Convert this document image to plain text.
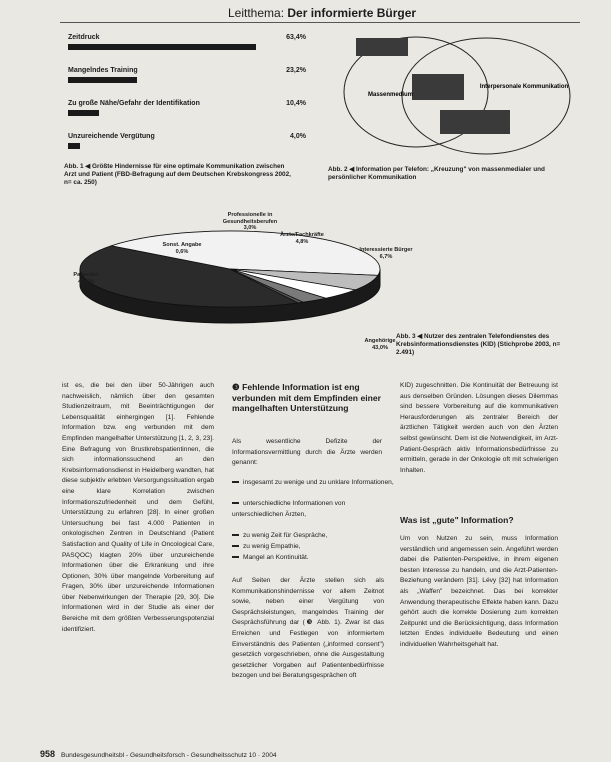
Leitthema: Der informierte Bürger
Zeitdruck	63,4%
Mangelndes Training	23,2%
Zu große Nähe/Gefahr der Identifikation	10,4%
Unzureichende Vergütung	4,0%
Abb. 1 ◀ Größte Hindernisse für eine optimale Kommunikation zwischen Arzt und Patient (FBD-Befragung auf dem Deutschen Krebskongress 2002, n= ca. 250)
Massenmedium
Interpersonale Kommunikation
Abb. 2 ◀ Information per Telefon: „Kreuzung" von massenmedialer und persönlicher Kommunikation
Patienten
43,8%
Angehörige
43,0%
Interessierte Bürger
6,7%
Ärzte/Fachkräfte
4,8%
Professionelle in Gesundheitsberufen
3,0%
Sonst. Angabe
0,6%
Abb. 3 ◀ Nutzer des zentralen Telefondienstes des Krebsinformationsdienstes (KID) (Stichprobe 2003, n= 2.491)

ist es, die bei den über 50-Jährigen auch nachweislich, nämlich über den gesamten Studienzeitraum, mit Beeinträchtigungen der Lebensqualität einhergingen [1]. Fehlende Information bzw. eng verbunden mit dem Empfinden mangelhafter Unterstützung [1, 2, 3, 23]. Eine Befragung von Brustkrebspatientinnen, die sich informationssuchend an den Krebsinformationsdienst in Heidelberg wandten, hat diese subjektiv erlebten Versorgungssituation ergab eine klare Korrelation zwischen Informationszufriedenheit und dem Gefühl, Unterstützung zu erfahren [28]. In einer großen Untersuchung bei fast 4.000 Patienten in onkologischen Zentren in Deutschland (Patient Satisfaction and Quality of Life in Oncological Care, PASQOC) klagten 20% über unzureichende Informationen über die Erkrankung und ihre Optionen, 30% über mangelnde Vorbereitung auf Fragen, 30% über unzureichende Informationen über Nebenwirkungen der Therapie [29, 30]. Die Informationen wird in der Studie als einer der Bereiche mit dem größten Verbesserungspotenzial identifiziert.

❸ Fehlende Information ist eng verbunden mit dem Empfinden einer mangelhaften Unterstützung
Als wesentliche Defizite der Informationsvermittlung durch die Ärzte werden genannt:
insgesamt zu wenige und zu unklare Informationen,
unterschiedliche Informationen von unterschiedlichen Ärzten,
zu wenig Zeit für Gespräche,
zu wenig Empathie,
Mangel an Kontinuität.
Auf Seiten der Ärzte stellen sich als Kommunikationshindernisse vor allem Zeitnot sowie, neben einer Vergütung von Gesprächsleistungen, mangelndes Training der Gesprächsführung dar (❸ Abb. 1). Zwar ist das Erreichen und Festlegen von informiertem Einverständnis des Patienten („informed consent") gesetzlich vorgeschrieben, ohne die Ausgestaltung gesetzlicher Vorgaben auf Patientenbedürfnisse bezogen und bei Beratungsgesprächen oft
KID) zugeschnitten. Die Kontinuität der Betreuung ist aus denselben Gründen. Lösungen dieses Dilemmas sind bessere Vorbereitung auf die kommunikativen Herausforderungen als zentraler Bereich der ärztlichen Tätigkeit werden auch von den Ärzten selbst gewünscht. Dem ist die Notwendigkeit, im Arzt-Patient-Gespräch aktiv Informationsbedürfnisse zu ermitteln, gerade in der Onkologie oft mit schwierigen Inhalten.
Was ist „gute" Information?
Um von Nutzen zu sein, muss Information verständlich und angemessen sein. Angeführt werden dabei die Patienten-Perspektive, in ihrem eigenen besten Interesse zu handeln, und die Arzt-Patienten-Beziehung verändern [31]. Lévy [32] hat Information als „Waffen" bezeichnet. Das bei korrekter Anwendung therapeutische Effekte haben kann. Dazu gehört auch die korrekte Dosierung zum korrekten Zeitpunkt und die Berücksichtigung, dass Information letzten Endes individuelle Bedeutung und einen individuellen Wahrheitsgehalt hat.
958 Bundesgesundheitsbl - Gesundheitsforsch - Gesundheitsschutz 10 · 2004
